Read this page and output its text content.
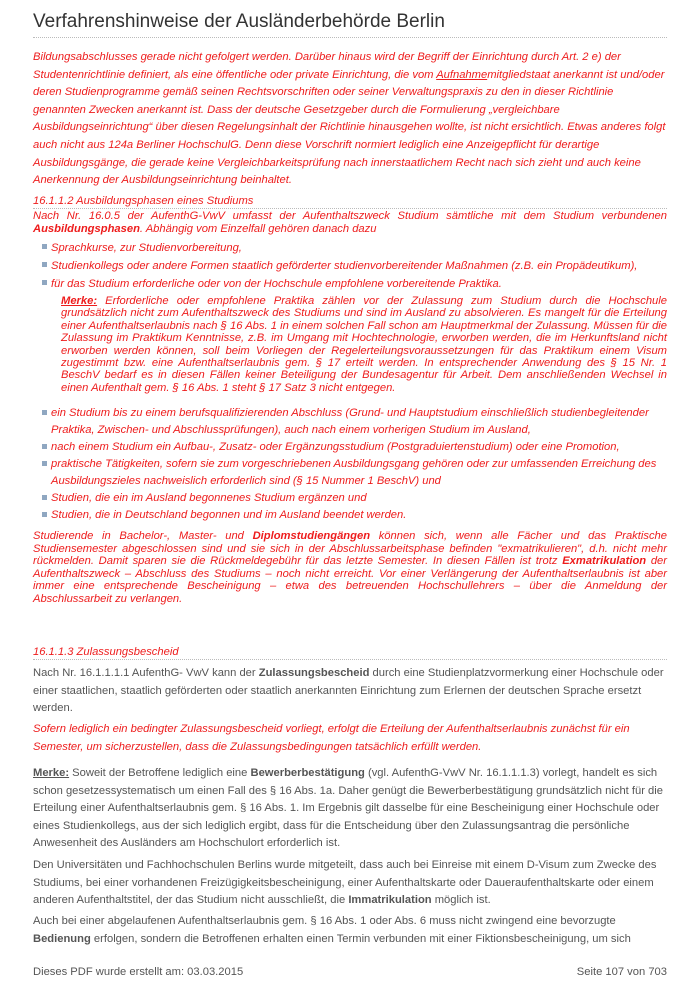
Verfahrenshinweise der Ausländerbehörde Berlin
Bildungsabschlusses gerade nicht gefolgert werden. Darüber hinaus wird der Begriff der Einrichtung durch Art. 2 e) der Studentenrichtlinie definiert, als eine öffentliche oder private Einrichtung, die vom Aufnahmemitgliedstaat anerkannt ist und/oder deren Studienprogramme gemäß seinen Rechtsvorschriften oder seiner Verwaltungspraxis zu den in dieser Richtlinie genannten Zwecken anerkannt ist. Dass der deutsche Gesetzgeber durch die Formulierung „vergleichbare Ausbildungseinrichtung“ über diesen Regelungsinhalt der Richtlinie hinausgehen wollte, ist nicht ersichtlich. Etwas anderes folgt auch nicht aus 124a Berliner HochschulG. Denn diese Vorschrift normiert lediglich eine Anzeigepflicht für derartige Ausbildungsgänge, die gerade keine Vergleichbarkeitsprüfung nach innerstaatlichem Recht nach sich zieht und auch keine Anerkennung der Ausbildungseinrichtung beinhaltet.
16.1.1.2 Ausbildungsphasen eines Studiums
Nach Nr. 16.0.5 der AufenthG-VwV umfasst der Aufenthaltszweck Studium sämtliche mit dem Studium verbundenen Ausbildungsphasen. Abhängig vom Einzelfall gehören danach dazu
Sprachkurse, zur Studienvorbereitung,
Studienkollegs oder andere Formen staatlich geförderter studienvorbereitender Maßnahmen (z.B. ein Propädeutikum),
für das Studium erforderliche oder von der Hochschule empfohlene vorbereitende Praktika.
Merke: Erforderliche oder empfohlene Praktika zählen vor der Zulassung zum Studium durch die Hochschule grundsätzlich nicht zum Aufenthaltszweck des Studiums und sind im Ausland zu absolvieren. Es mangelt für die Erteilung einer Aufenthaltserlaubnis nach § 16 Abs. 1 in einem solchen Fall schon am Hauptmerkmal der Zulassung. Müssen für die Zulassung im Praktikum Kenntnisse, z.B. im Umgang mit Hochtechnologie, erworben werden, die im Herkunftsland nicht erworben werden können, soll beim Vorliegen der Regelerteilungsvoraussetzungen für das Praktikum einem Visum zugestimmt bzw. eine Aufenthaltserlaubnis gem. § 17 erteilt werden. In entsprechender Anwendung des § 15 Nr. 1 BeschV bedarf es in diesen Fällen keiner Beteiligung der Bundesagentur für Arbeit. Dem anschließenden Wechsel in einen Aufenthalt gem. § 16 Abs. 1 steht § 17 Satz 3 nicht entgegen.
ein Studium bis zu einem berufsqualifizierenden Abschluss (Grund- und Hauptstudium einschließlich studienbegleitender Praktika, Zwischen- und Abschlussprüfungen), auch nach einem vorherigen Studium im Ausland,
nach einem Studium ein Aufbau-, Zusatz- oder Ergänzungsstudium (Postgraduiertenstudium) oder eine Promotion,
praktische Tätigkeiten, sofern sie zum vorgeschriebenen Ausbildungsgang gehören oder zur umfassenden Erreichung des Ausbildungszieles nachweislich erforderlich sind (§ 15 Nummer 1 BeschV) und
Studien, die ein im Ausland begonnenes Studium ergänzen und
Studien, die in Deutschland begonnen und im Ausland beendet werden.
Studierende in Bachelor-, Master- und Diplomstudiengängen können sich, wenn alle Fächer und das Praktische Studiensemester abgeschlossen sind und sie sich in der Abschlussarbeitsphase befinden "exmatrikulieren", d.h. nicht mehr rückmelden. Damit sparen sie die Rückmeldegebühr für das letzte Semester. In diesen Fällen ist trotz Exmatrikulation der Aufenthaltszweck – Abschluss des Studiums – noch nicht erreicht. Vor einer Verlängerung der Aufenthaltserlaubnis ist aber immer eine entsprechende Bescheinigung – etwa des betreuenden Hochschullehrers – über die Anmeldung der Abschlussarbeit zu verlangen.
16.1.1.3 Zulassungsbescheid
Nach Nr. 16.1.1.1.1 AufenthG- VwV kann der Zulassungsbescheid durch eine Studienplatzvormerkung einer Hochschule oder einer staatlichen, staatlich geförderten oder staatlich anerkannten Einrichtung zum Erlernen der deutschen Sprache ersetzt werden.
Sofern lediglich ein bedingter Zulassungsbescheid vorliegt, erfolgt die Erteilung der Aufenthaltserlaubnis zunächst für ein Semester, um sicherzustellen, dass die Zulassungsbedingungen tatsächlich erfüllt werden.
Merke: Soweit der Betroffene lediglich eine Bewerberbestätigung (vgl. AufenthG-VwV Nr. 16.1.1.1.3) vorlegt, handelt es sich schon gesetzessystematisch um einen Fall des § 16 Abs. 1a. Daher genügt die Bewerberbestätigung grundsätzlich nicht für die Erteilung einer Aufenthaltserlaubnis gem. § 16 Abs. 1. Im Ergebnis gilt dasselbe für eine Bescheinigung einer Hochschule oder eines Studienkollegs, aus der sich lediglich ergibt, dass für die Entscheidung über den Zulassungsantrag die persönliche Anwesenheit des Ausländers am Hochschulort erforderlich ist.
Den Universitäten und Fachhochschulen Berlins wurde mitgeteilt, dass auch bei Einreise mit einem D-Visum zum Zwecke des Studiums, bei einer vorhandenen Freizügigkeitsbescheinigung, einer Aufenthaltskarte oder Daueraufenthaltskarte oder einem anderen Aufenthaltstitel, der das Studium nicht ausschließt, die Immatrikulation möglich ist.
Auch bei einer abgelaufenen Aufenthaltserlaubnis gem. § 16 Abs. 1 oder Abs. 6 muss nicht zwingend eine bevorzugte Bedienung erfolgen, sondern die Betroffenen erhalten einen Termin verbunden mit einer Fiktionsbescheinigung, um sich
Dieses PDF wurde erstellt am: 03.03.2015	Seite 107 von 703
